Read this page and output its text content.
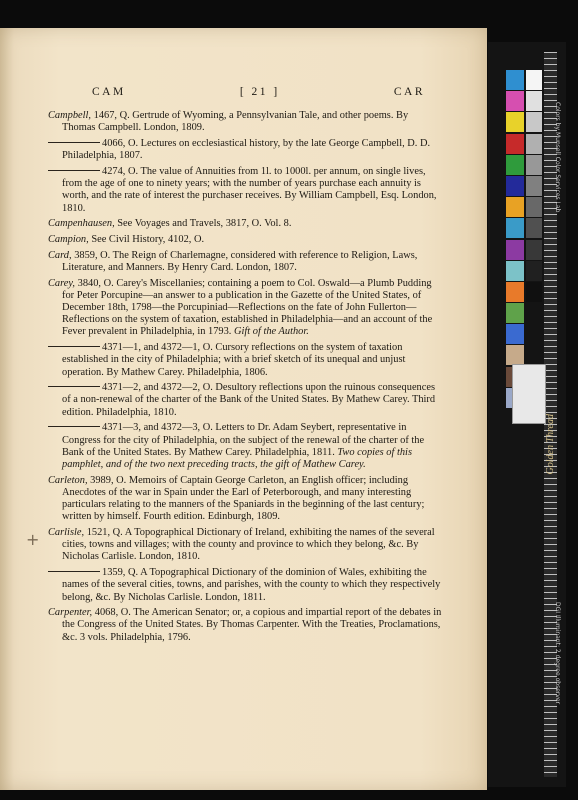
CAM	[ 21 ]	CAR
Campbell, 1467, Q. Gertrude of Wyoming, a Pennsylvanian Tale, and other poems. By Thomas Campbell. London, 1809.
4066, O. Lectures on ecclesiastical history, by the late George Campbell, D. D. Philadelphia, 1807.
4274, O. The value of Annuities from 1l. to 1000l. per annum, on single lives, from the age of one to ninety years; with the number of years purchase each annuity is worth, and the rate of interest the purchaser receives. By William Campbell, Esq. London, 1810.
Campenhausen, See Voyages and Travels, 3817, O. Vol. 8.
Campion, See Civil History, 4102, O.
Card, 3859, O. The Reign of Charlemagne, considered with reference to Religion, Laws, Literature, and Manners. By Henry Card. London, 1807.
Carey, 3840, O. Carey's Miscellanies; containing a poem to Col. Oswald—a Plumb Pudding for Peter Porcupine—an answer to a publication in the Gazette of the United States, of December 18th, 1798—the Porcupiniad—Reflections on the fate of John Fullerton—Reflections on the system of taxation, established in Philadelphia—and an account of the Fever prevalent in Philadelphia, in 1793. Gift of the Author.
4371—1, and 4372—1, O. Cursory reflections on the system of taxation established in the city of Philadelphia; with a brief sketch of its unequal and unjust operation. By Mathew Carey. Philadelphia, 1806.
4371—2, and 4372—2, O. Desultory reflections upon the ruinous consequences of a non-renewal of the charter of the Bank of the United States. By Mathew Carey. Third edition. Philadelphia, 1810.
4371—3, and 4372—3, O. Letters to Dr. Adam Seybert, representative in Congress for the city of Philadelphia, on the subject of the renewal of the charter of the Bank of the United States. By Mathew Carey. Philadelphia, 1811. Two copies of this pamphlet, and of the two next preceding tracts, the gift of Mathew Carey.
Carleton, 3989, O. Memoirs of Captain George Carleton, an English officer; including Anecdotes of the war in Spain under the Earl of Peterborough, and many interesting particulars relating to the manners of the Spaniards in the beginning of the last century; written by himself. Fourth edition. Edinburgh, 1809.
Carlisle, 1521, Q. A Topographical Dictionary of Ireland, exhibiting the names of the several cities, towns and villages; with the county and province to which they belong, &c. By Nicholas Carlisle. London, 1810.
1359, Q. A Topographical Dictionary of the dominion of Wales, exhibiting the names of the several cities, towns, and parishes, with the county to which they respectively belong, &c. By Nicholas Carlisle. London, 1811.
Carpenter, 4068, O. The American Senator; or, a copious and impartial report of the debates in the Congress of the United States. By Thomas Carpenter. With the Treaties, Proclamations, &c. 3 vols. Philadelphia, 1796.
+
Colors by Munsell Color Services Lab
DGI Illuminant: 2 degree observer
Golden Thread
